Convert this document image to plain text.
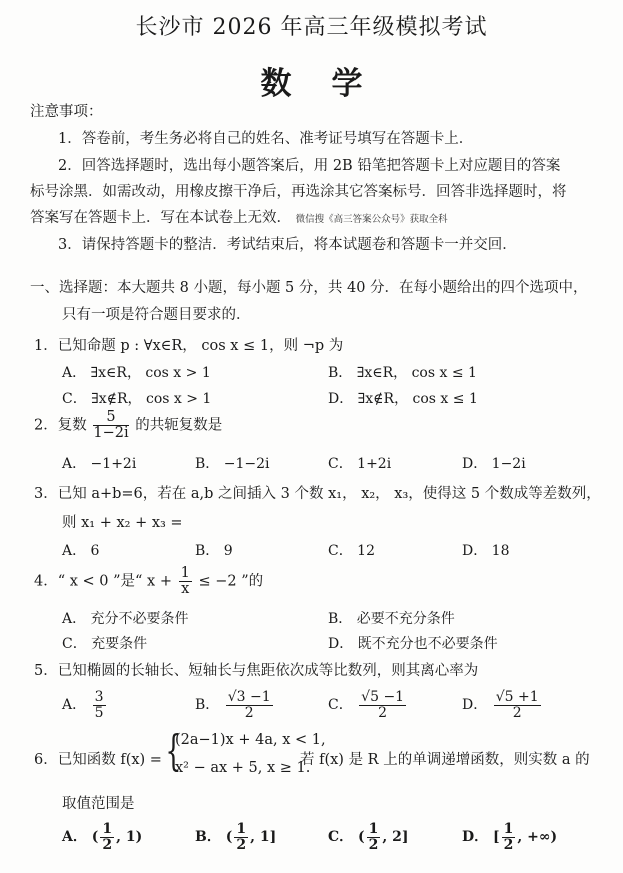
长沙市 2026 年高三年级模拟考试
数学
注意事项：
1．答卷前，考生务必将自己的姓名、准考证号填写在答题卡上．
2．回答选择题时，选出每小题答案后，用 2B 铅笔把答题卡上对应题目的答案
标号涂黑．如需改动，用橡皮擦干净后，再选涂其它答案标号．回答非选择题时，将
答案写在答题卡上．写在本试卷上无效． 微信搜《高三答案公众号》获取全科
3．请保持答题卡的整洁．考试结束后，将本试题卷和答题卡一并交回．
一、选择题：本大题共 8 小题，每小题 5 分，共 40 分．在每小题给出的四个选项中，
只有一项是符合题目要求的．
1．已知命题 p : ∀x∈R， cos x ≤ 1，则 ¬p 为
A． ∃x∈R， cos x > 1	B． ∃x∈R， cos x ≤ 1
C． ∃x∉R， cos x > 1	D． ∃x∉R， cos x ≤ 1
2．复数 $\frac{5}{1-2i}$ 的共轭复数是
A． −1+2i	B． −1−2i	C． 1+2i	D． 1−2i
3．已知 a+b=6，若在 a,b 之间插入 3 个数 x₁， x₂， x₃，使得这 5 个数成等差数列，
则 x₁ + x₂ + x₃ =
A． 6	B． 9	C． 12	D． 18
4．“ x < 0 ”是“ $x + \frac{1}{x} \le -2$ ”的
A． 充分不必要条件	B． 必要不充分条件
C． 充要条件	D． 既不充分也不必要条件
5．已知椭圆的长轴长、短轴长与焦距依次成等比数列，则其离心率为
A． $\frac{3}{5}$	B． $\frac{√3 -1}{2}$	C． $\frac{√5 -1}{2}$	D． $\frac{√5 +1}{2}$
6．已知函数 f(x) = {
(2a−1)x + 4a, x < 1,
x² − ax + 5, x ≥ 1.
若 f(x) 是 R 上的单调递增函数，则实数 a 的
取值范围是
A． ( $\frac{1}{2}$ , 1)	B． ( $\frac{1}{2}$ , 1]	C． ( $\frac{1}{2}$ , 2]	D． [ $\frac{1}{2}$ , +∞)
